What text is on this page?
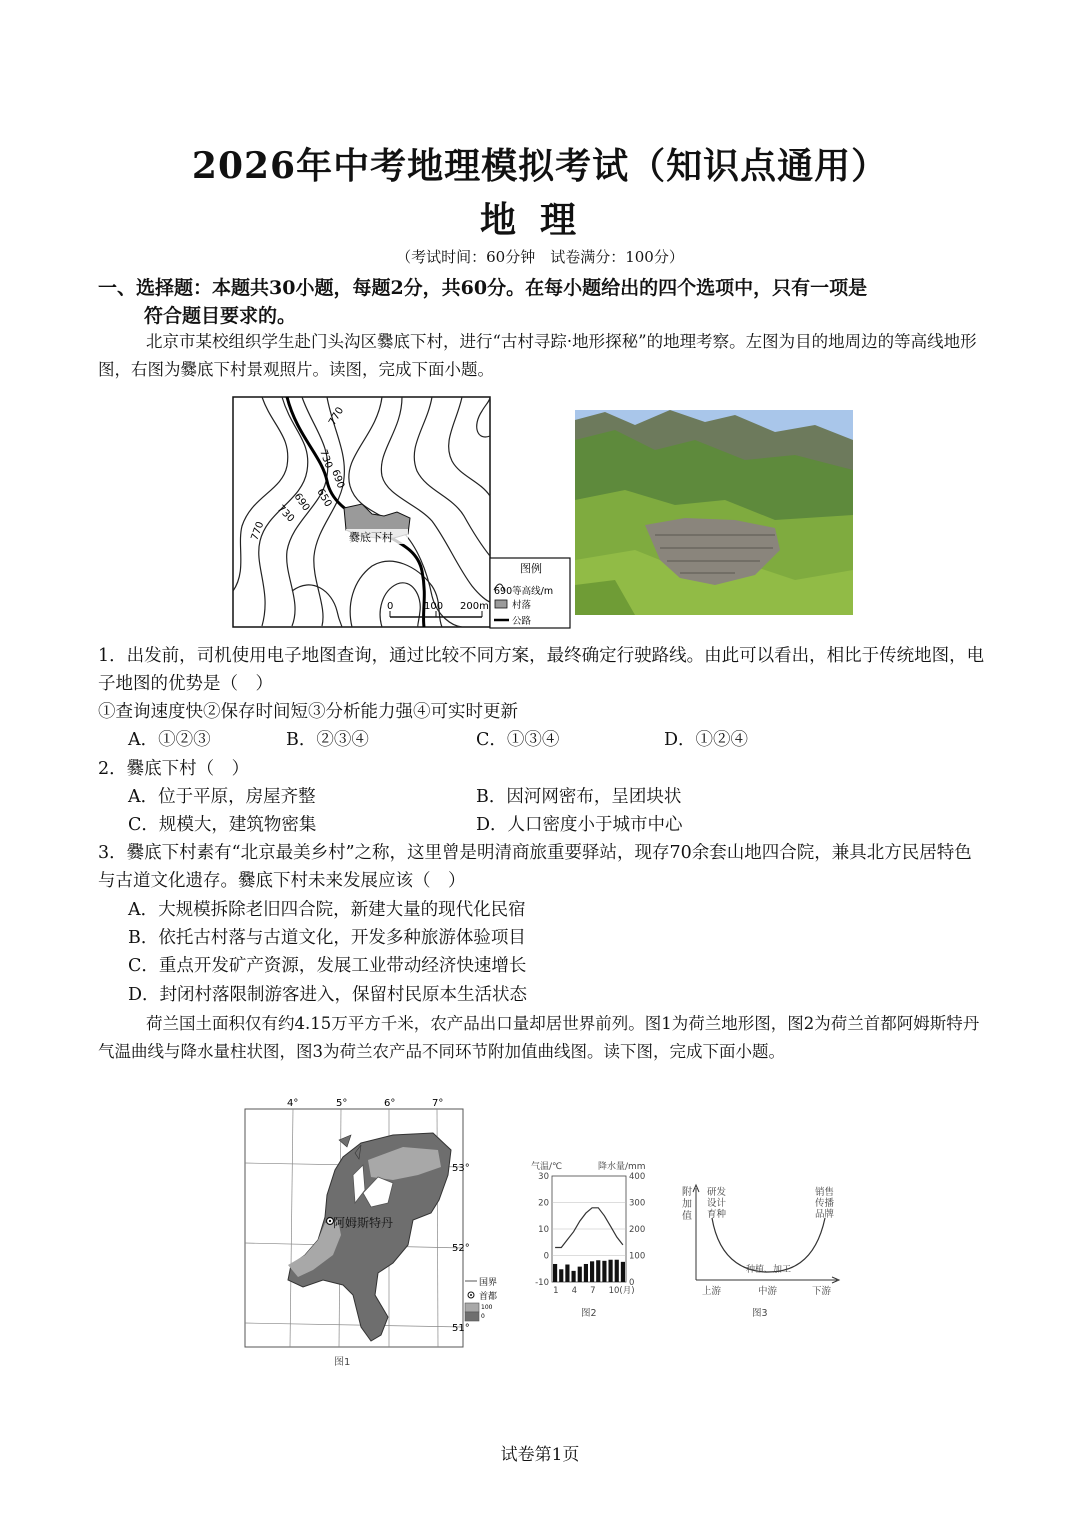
2026年中考地理模拟考试（知识点通用）
地理
（考试时间：60分钟　试卷满分：100分）
一、选择题：本题共30小题，每题2分，共60分。在每小题给出的四个选项中，只有一项是
符合题目要求的。
北京市某校组织学生赴门头沟区爨底下村，进行“古村寻踪·地形探秘”的地理考察。左图为目的地周边的等高线地形图，右图为爨底下村景观照片。读图，完成下面小题。
770
730
690
650
690
730
770	爨底下村
0	100 200m
图例
690等高线/m
村落
公路
1．出发前，司机使用电子地图查询，通过比较不同方案，最终确定行驶路线。由此可以看出，相比于传统地图，电子地图的优势是（　）
①查询速度快②保存时间短③分析能力强④可实时更新
A．①②③	B．②③④	C．①③④	D．①②④
2．爨底下村（　）
A．位于平原，房屋齐整	B．因河网密布，呈团块状
C．规模大，建筑物密集	D．人口密度小于城市中心
3．爨底下村素有“北京最美乡村”之称，这里曾是明清商旅重要驿站，现存70余套山地四合院，兼具北方民居特色与古道文化遗存。爨底下村未来发展应该（　）
A．大规模拆除老旧四合院，新建大量的现代化民宿
B．依托古村落与古道文化，开发多种旅游体验项目
C．重点开发矿产资源，发展工业带动经济快速增长
D．封闭村落限制游客进入，保留村民原本生活状态
荷兰国土面积仅有约4.15万平方千米，农产品出口量却居世界前列。图1为荷兰地形图，图2为荷兰首都阿姆斯特丹气温曲线与降水量柱状图，图3为荷兰农产品不同环节附加值曲线图。读下图，完成下面小题。
4°	5°	6°	7°
53°
52°
51°
阿姆斯特丹
国界
首都
100
0
图1
气温/℃	降水量/mm
30	400
20	300
10	200
0	100
-10	0
1 4 7 10(月)
图2
附
加
值
附加值
研发
设计
育种
销售
传播
品牌
种植、加工
上游	中游	下游
图3
试卷第1页
